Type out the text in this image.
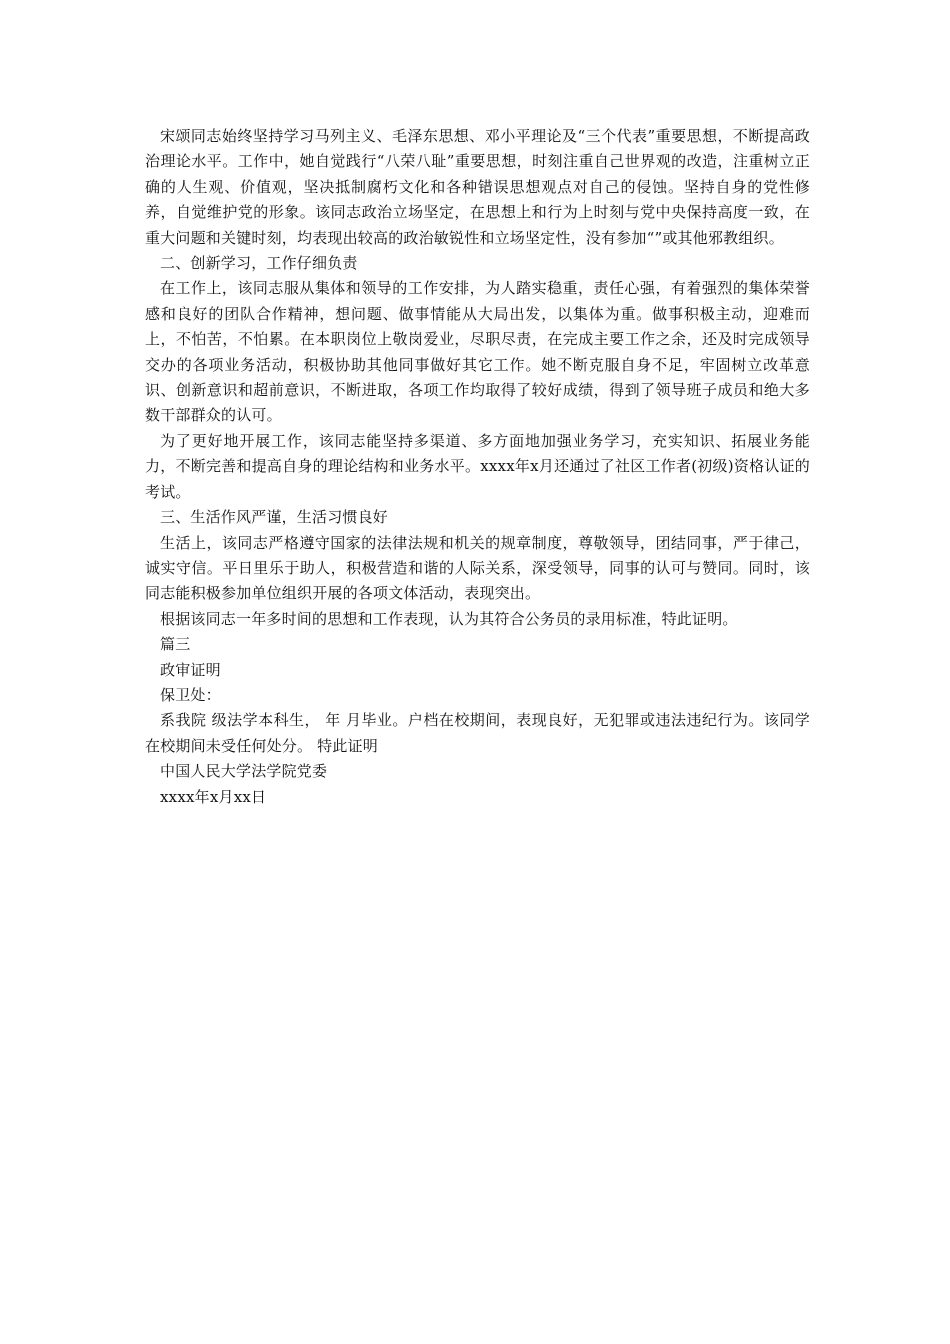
宋颂同志始终坚持学习马列主义、毛泽东思想、邓小平理论及“三个代表”重要思想，不断提高政治理论水平。工作中，她自觉践行“八荣八耻”重要思想，时刻注重自己世界观的改造，注重树立正确的人生观、价值观，坚决抵制腐朽文化和各种错误思想观点对自己的侵蚀。坚持自身的党性修养，自觉维护党的形象。该同志政治立场坚定，在思想上和行为上时刻与党中央保持高度一致，在重大问题和关键时刻，均表现出较高的政治敏锐性和立场坚定性，没有参加“”或其他邪教组织。

二、创新学习，工作仔细负责

在工作上，该同志服从集体和领导的工作安排，为人踏实稳重，责任心强，有着强烈的集体荣誉感和良好的团队合作精神，想问题、做事情能从大局出发，以集体为重。做事积极主动，迎难而上，不怕苦，不怕累。在本职岗位上敬岗爱业，尽职尽责，在完成主要工作之余，还及时完成领导交办的各项业务活动，积极协助其他同事做好其它工作。她不断克服自身不足，牢固树立改革意识、创新意识和超前意识，不断进取，各项工作均取得了较好成绩，得到了领导班子成员和绝大多数干部群众的认可。

为了更好地开展工作，该同志能坚持多渠道、多方面地加强业务学习，充实知识、拓展业务能力，不断完善和提高自身的理论结构和业务水平。xxxx年x月还通过了社区工作者(初级)资格认证的考试。

三、生活作风严谨，生活习惯良好

生活上，该同志严格遵守国家的法律法规和机关的规章制度，尊敬领导，团结同事，严于律己，诚实守信。平日里乐于助人，积极营造和谐的人际关系，深受领导，同事的认可与赞同。同时，该同志能积极参加单位组织开展的各项文体活动，表现突出。

根据该同志一年多时间的思想和工作表现，认为其符合公务员的录用标准，特此证明。

篇三

政审证明

保卫处：

系我院 级法学本科生， 年 月毕业。户档在校期间，表现良好，无犯罪或违法违纪行为。该同学在校期间未受任何处分。 特此证明

中国人民大学法学院党委

xxxx年x月xx日
